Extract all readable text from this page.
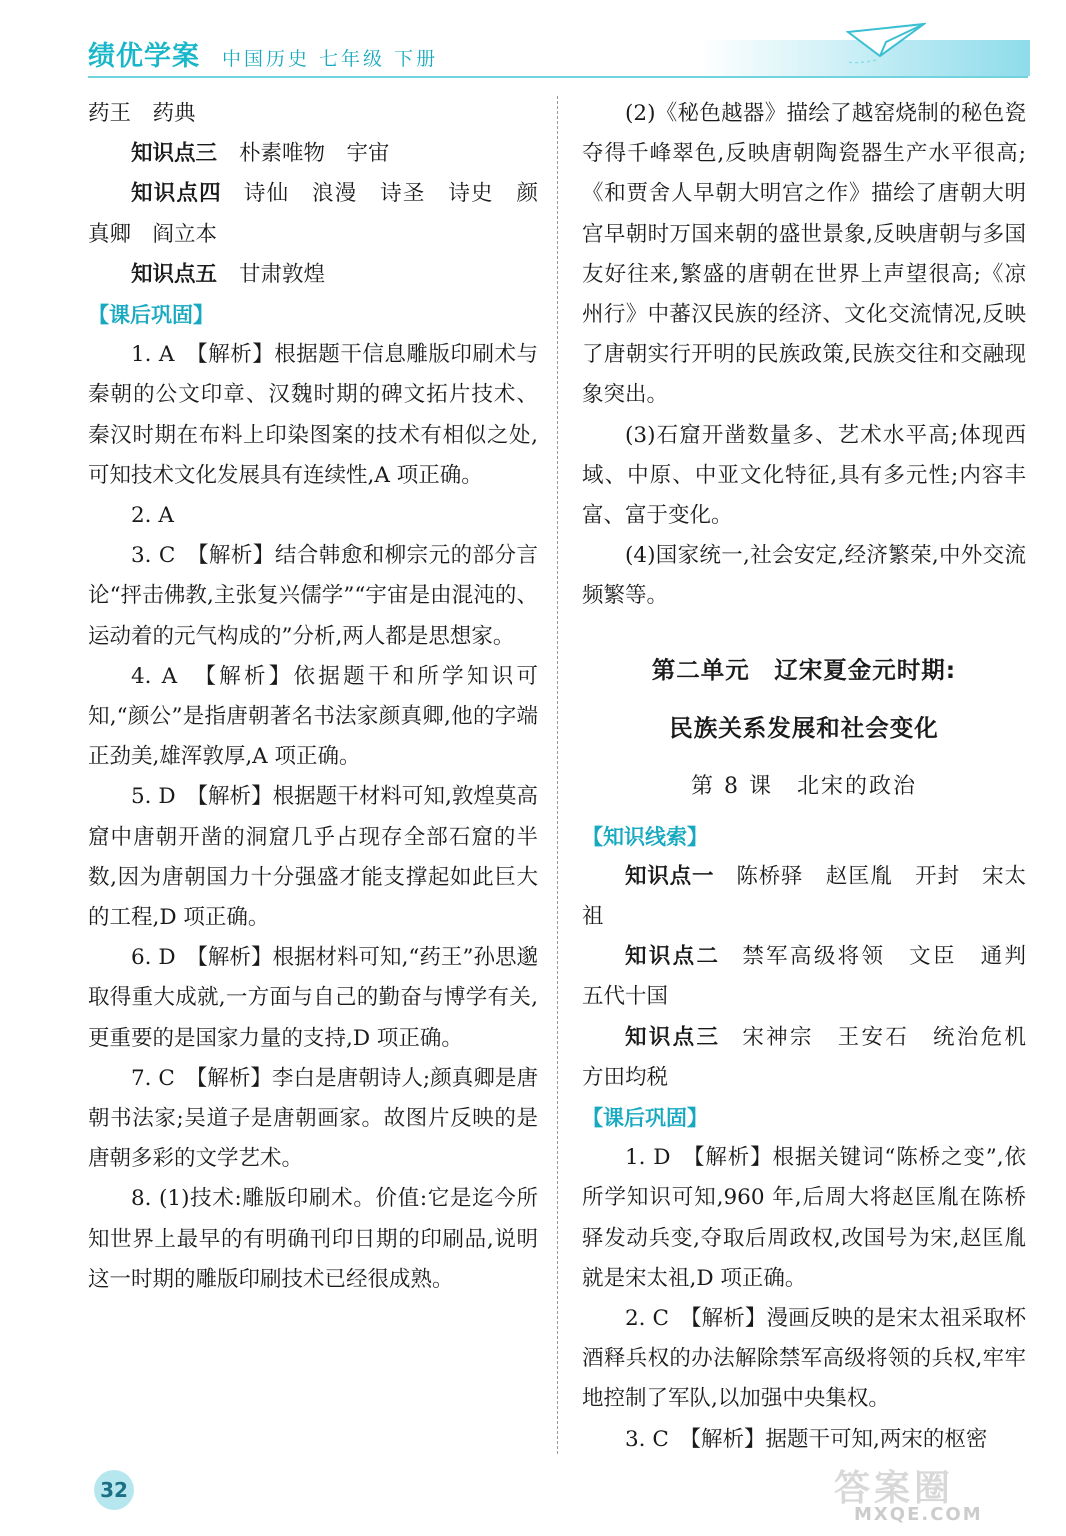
绩优学案 中国历史 七年级 下册

药王　药典

知识点三 朴素唯物　宇宙

知识点四 诗仙　浪漫　诗圣　诗史　颜真卿　阎立本

知识点五 甘肃敦煌

【课后巩固】

1. A　【解析】根据题干信息雕版印刷术与秦朝的公文印章、汉魏时期的碑文拓片技术、秦汉时期在布料上印染图案的技术有相似之处,可知技术文化发展具有连续性,A 项正确。

2. A

3. C　【解析】结合韩愈和柳宗元的部分言论“抨击佛教,主张复兴儒学”“宇宙是由混沌的、运动着的元气构成的”分析,两人都是思想家。

4. A　【解析】依据题干和所学知识可知,“颜公”是指唐朝著名书法家颜真卿,他的字端正劲美,雄浑敦厚,A 项正确。

5. D　【解析】根据题干材料可知,敦煌莫高窟中唐朝开凿的洞窟几乎占现存全部石窟的半数,因为唐朝国力十分强盛才能支撑起如此巨大的工程,D 项正确。

6. D　【解析】根据材料可知,“药王”孙思邈取得重大成就,一方面与自己的勤奋与博学有关,更重要的是国家力量的支持,D 项正确。

7. C　【解析】李白是唐朝诗人;颜真卿是唐朝书法家;吴道子是唐朝画家。故图片反映的是唐朝多彩的文学艺术。

8. (1)技术:雕版印刷术。价值:它是迄今所知世界上最早的有明确刊印日期的印刷品,说明这一时期的雕版印刷技术已经很成熟。

(2)《秘色越器》描绘了越窑烧制的秘色瓷夺得千峰翠色,反映唐朝陶瓷器生产水平很高;《和贾舍人早朝大明宫之作》描绘了唐朝大明宫早朝时万国来朝的盛世景象,反映唐朝与多国友好往来,繁盛的唐朝在世界上声望很高;《凉州行》中蕃汉民族的经济、文化交流情况,反映了唐朝实行开明的民族政策,民族交往和交融现象突出。

(3)石窟开凿数量多、艺术水平高;体现西域、中原、中亚文化特征,具有多元性;内容丰富、富于变化。

(4)国家统一,社会安定,经济繁荣,中外交流频繁等。

第二单元　辽宋夏金元时期:

民族关系发展和社会变化

第 8 课　北宋的政治

【知识线索】

知识点一 陈桥驿　赵匡胤　开封　宋太祖

知识点二 禁军高级将领　文臣　通判　五代十国

知识点三 宋神宗　王安石　统治危机　方田均税

【课后巩固】

1. D　【解析】根据关键词“陈桥之变”,依所学知识可知,960 年,后周大将赵匡胤在陈桥驿发动兵变,夺取后周政权,改国号为宋,赵匡胤就是宋太祖,D 项正确。

2. C　【解析】漫画反映的是宋太祖采取杯酒释兵权的办法解除禁军高级将领的兵权,牢牢地控制了军队,以加强中央集权。

3. C　【解析】据题干可知,两宋的枢密

32	答案圈
MXQE.COM
